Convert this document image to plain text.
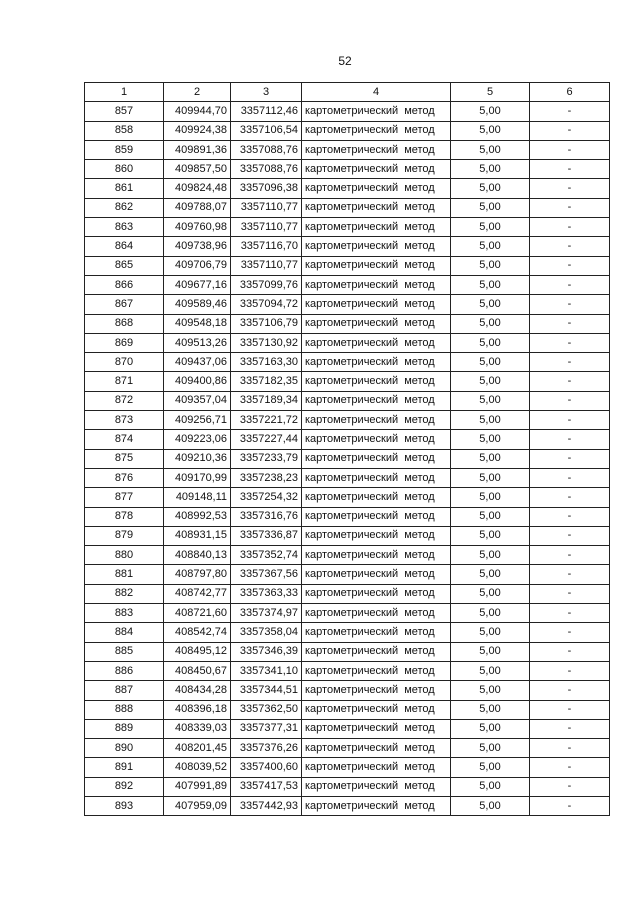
52
1	2	3	4	5	6
857	409944,70	3357112,46	картометрический метод	5,00	-
858	409924,38	3357106,54	картометрический метод	5,00	-
859	409891,36	3357088,76	картометрический метод	5,00	-
860	409857,50	3357088,76	картометрический метод	5,00	-
861	409824,48	3357096,38	картометрический метод	5,00	-
862	409788,07	3357110,77	картометрический метод	5,00	-
863	409760,98	3357110,77	картометрический метод	5,00	-
864	409738,96	3357116,70	картометрический метод	5,00	-
865	409706,79	3357110,77	картометрический метод	5,00	-
866	409677,16	3357099,76	картометрический метод	5,00	-
867	409589,46	3357094,72	картометрический метод	5,00	-
868	409548,18	3357106,79	картометрический метод	5,00	-
869	409513,26	3357130,92	картометрический метод	5,00	-
870	409437,06	3357163,30	картометрический метод	5,00	-
871	409400,86	3357182,35	картометрический метод	5,00	-
872	409357,04	3357189,34	картометрический метод	5,00	-
873	409256,71	3357221,72	картометрический метод	5,00	-
874	409223,06	3357227,44	картометрический метод	5,00	-
875	409210,36	3357233,79	картометрический метод	5,00	-
876	409170,99	3357238,23	картометрический метод	5,00	-
877	409148,11	3357254,32	картометрический метод	5,00	-
878	408992,53	3357316,76	картометрический метод	5,00	-
879	408931,15	3357336,87	картометрический метод	5,00	-
880	408840,13	3357352,74	картометрический метод	5,00	-
881	408797,80	3357367,56	картометрический метод	5,00	-
882	408742,77	3357363,33	картометрический метод	5,00	-
883	408721,60	3357374,97	картометрический метод	5,00	-
884	408542,74	3357358,04	картометрический метод	5,00	-
885	408495,12	3357346,39	картометрический метод	5,00	-
886	408450,67	3357341,10	картометрический метод	5,00	-
887	408434,28	3357344,51	картометрический метод	5,00	-
888	408396,18	3357362,50	картометрический метод	5,00	-
889	408339,03	3357377,31	картометрический метод	5,00	-
890	408201,45	3357376,26	картометрический метод	5,00	-
891	408039,52	3357400,60	картометрический метод	5,00	-
892	407991,89	3357417,53	картометрический метод	5,00	-
893	407959,09	3357442,93	картометрический метод	5,00	-
